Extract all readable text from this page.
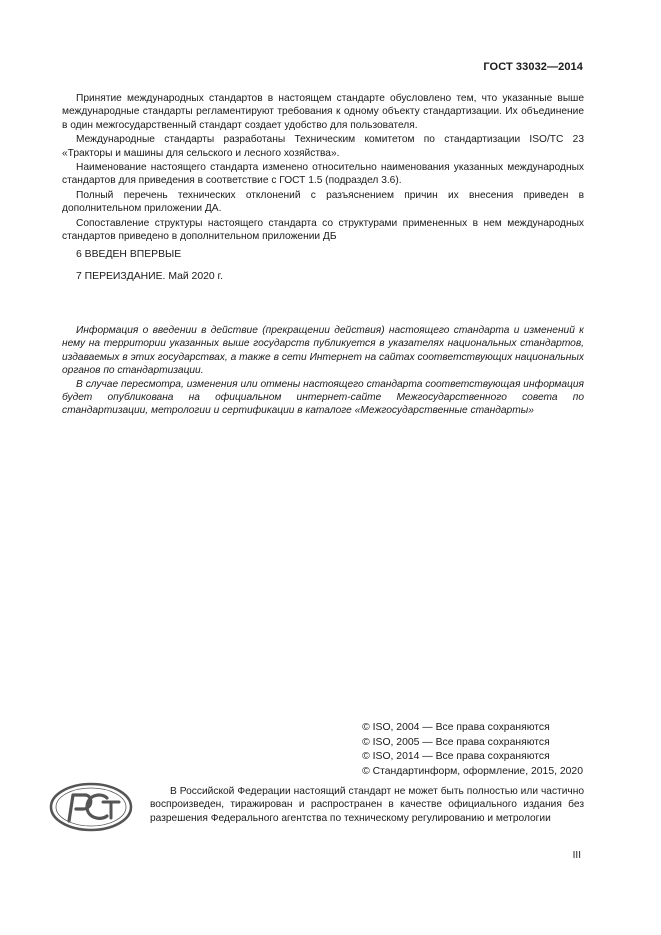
ГОСТ 33032—2014

Принятие международных стандартов в настоящем стандарте обусловлено тем, что указанные выше международные стандарты регламентируют требования к одному объекту стандартизации. Их объединение в один межгосударственный стандарт создает удобство для пользователя.

Международные стандарты разработаны Техническим комитетом по стандартизации ISO/TC 23 «Тракторы и машины для сельского и лесного хозяйства».

Наименование настоящего стандарта изменено относительно наименования указанных международных стандартов для приведения в соответствие с ГОСТ 1.5 (подраздел 3.6).

Полный перечень технических отклонений с разъяснением причин их внесения приведен в дополнительном приложении ДА.

Сопоставление структуры настоящего стандарта со структурами примененных в нем международных стандартов приведено в дополнительном приложении ДБ

6 ВВЕДЕН ВПЕРВЫЕ
7 ПЕРЕИЗДАНИЕ. Май 2020 г.

Информация о введении в действие (прекращении действия) настоящего стандарта и изменений к нему на территории указанных выше государств публикуется в указателях национальных стандартов, издаваемых в этих государствах, а также в сети Интернет на сайтах соответствующих национальных органов по стандартизации.

В случае пересмотра, изменения или отмены настоящего стандарта соответствующая информация будет опубликована на официальном интернет-сайте Межгосударственного совета по стандартизации, метрологии и сертификации в каталоге «Межгосударственные стандарты»

© ISO, 2004 — Все права сохраняются
© ISO, 2005 — Все права сохраняются
© ISO, 2014 — Все права сохраняются
© Стандартинформ, оформление, 2015, 2020

В Российской Федерации настоящий стандарт не может быть полностью или частично воспроизведен, тиражирован и распространен в качестве официального издания без разрешения Федерального агентства по техническому регулированию и метрологии

III
